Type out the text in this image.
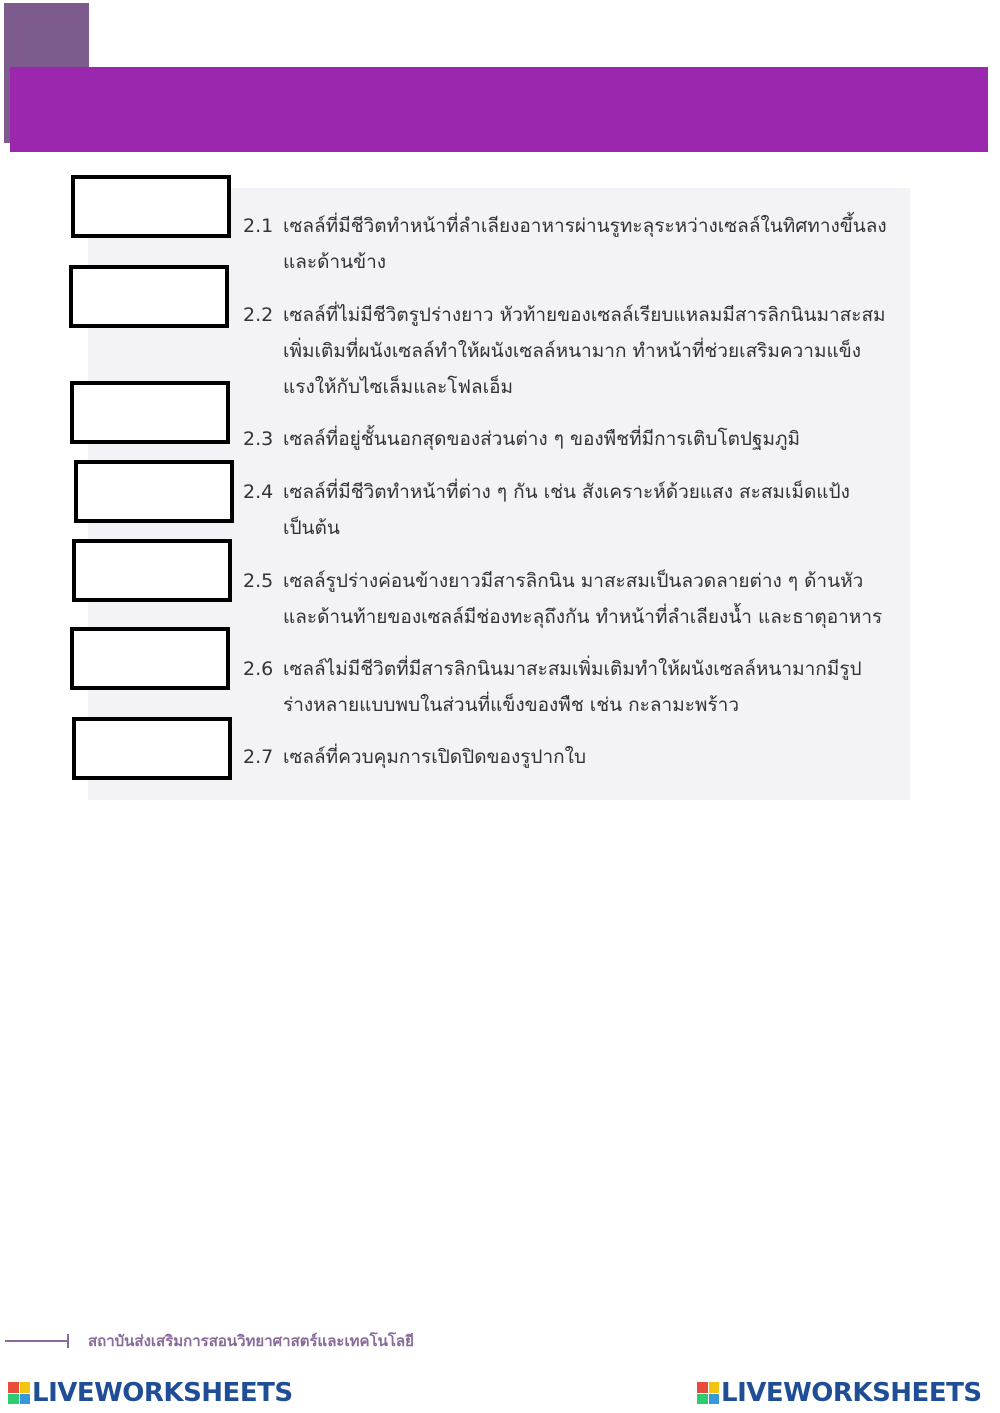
2.1 เซลล์ที่มีชีวิตทำหน้าที่ลำเลียงอาหารผ่านรูทะลุระหว่างเซลล์ในทิศทางขึ้นลงและด้านข้าง
2.2 เซลล์ที่ไม่มีชีวิตรูปร่างยาว หัวท้ายของเซลล์เรียบแหลมมีสารลิกนินมาสะสมเพิ่มเติมที่ผนังเซลล์ทำให้ผนังเซลล์หนามาก ทำหน้าที่ช่วยเสริมความแข็งแรงให้กับไซเล็มและโฟลเอ็ม
2.3 เซลล์ที่อยู่ชั้นนอกสุดของส่วนต่าง ๆ ของพืชที่มีการเติบโตปฐมภูมิ
2.4 เซลล์ที่มีชีวิตทำหน้าที่ต่าง ๆ กัน เช่น สังเคราะห์ด้วยแสง สะสมเม็ดแป้งเป็นต้น
2.5 เซลล์รูปร่างค่อนข้างยาวมีสารลิกนิน มาสะสมเป็นลวดลายต่าง ๆ ด้านหัวและด้านท้ายของเซลล์มีช่องทะลุถึงกัน ทำหน้าที่ลำเลียงน้ำ และธาตุอาหาร
2.6 เซลล์ไม่มีชีวิตที่มีสารลิกนินมาสะสมเพิ่มเติมทำให้ผนังเซลล์หนามากมีรูปร่างหลายแบบพบในส่วนที่แข็งของพืช เช่น กะลามะพร้าว
2.7 เซลล์ที่ควบคุมการเปิดปิดของรูปากใบ
สถาบันส่งเสริมการสอนวิทยาศาสตร์และเทคโนโลยี
LIVEWORKSHEETS	LIVEWORKSHEETS
